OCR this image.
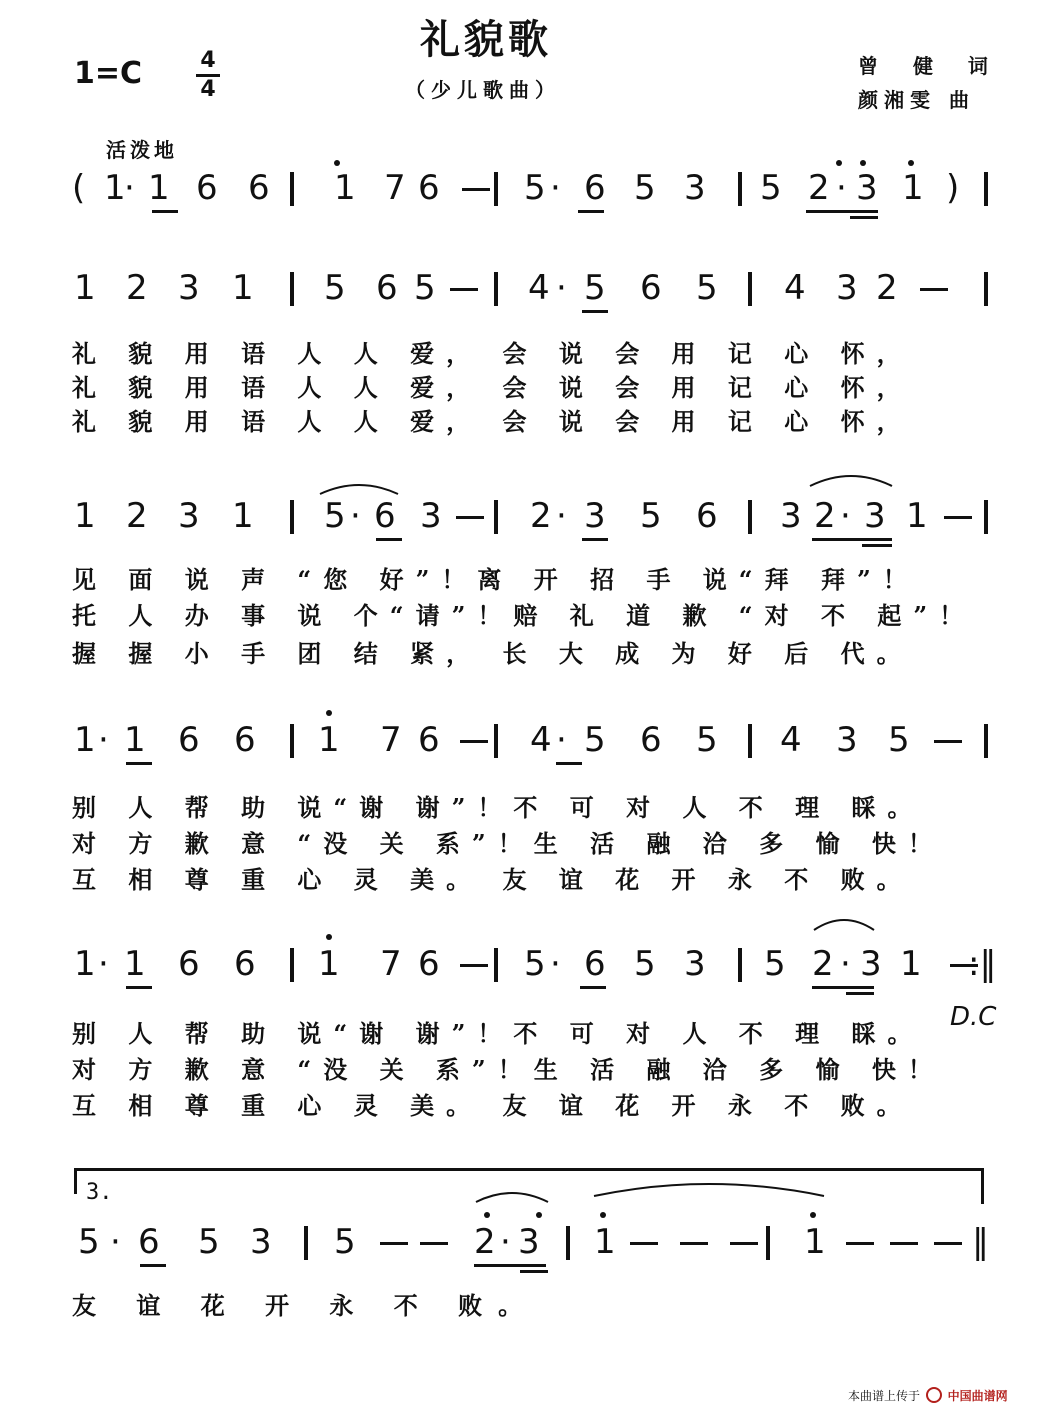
礼貌歌
（少儿歌曲）
1=C	4
4
曾 健 词
颜湘雯 曲
活泼地
( 1
· 1 6 6 1 7 6 5 · 6 5 3 5 2 · 3 1 )
1 2 3 1 5 6 5	4 · 5 6 5 4 3 2
礼 貌 用 语 人 人 爱， 会 说 会 用 记 心 怀，
礼 貌 用 语 人 人 爱， 会 说 会 用 记 心 怀，
礼 貌 用 语 人 人 爱， 会 说 会 用 记 心 怀，
1 2 3 1 5 · 6 3	2 · 3 5 6 3 2 · 3 1
见 面 说 声 “您 好”！离 开 招 手 说“拜 拜”！
托 人 办 事 说 个“请”！赔 礼 道 歉 “对 不 起”！
握 握 小 手 团 结 紧， 长 大 成 为 好 后 代。
1 · 1 6 6 1 7 6	4 · 5 6 5 4 3 5
别 人 帮 助 说“谢 谢”！不 可 对 人 不 理 睬。
对 方 歉 意 “没 关 系”！生 活 融 洽 多 愉 快！
互 相 尊 重 心 灵 美。 友 谊 花 开 永 不 败。
1 · 1 6 6 1 7 6 5 · 6 5 3 5 2 · 3 1 :‖
别 人 帮 助 说“谢 谢”！不 可 对 人 不 理 睬。
对 方 歉 意 “没 关 系”！生 活 融 洽 多 愉 快！
互 相 尊 重 心 灵 美。 友 谊 花 开 永 不 败。
5 · 6 5 3 5	2 · 3 1	1	‖
友 谊 花 开 永 不 败。
3.
D.C
本曲谱上传于 中国曲谱网
